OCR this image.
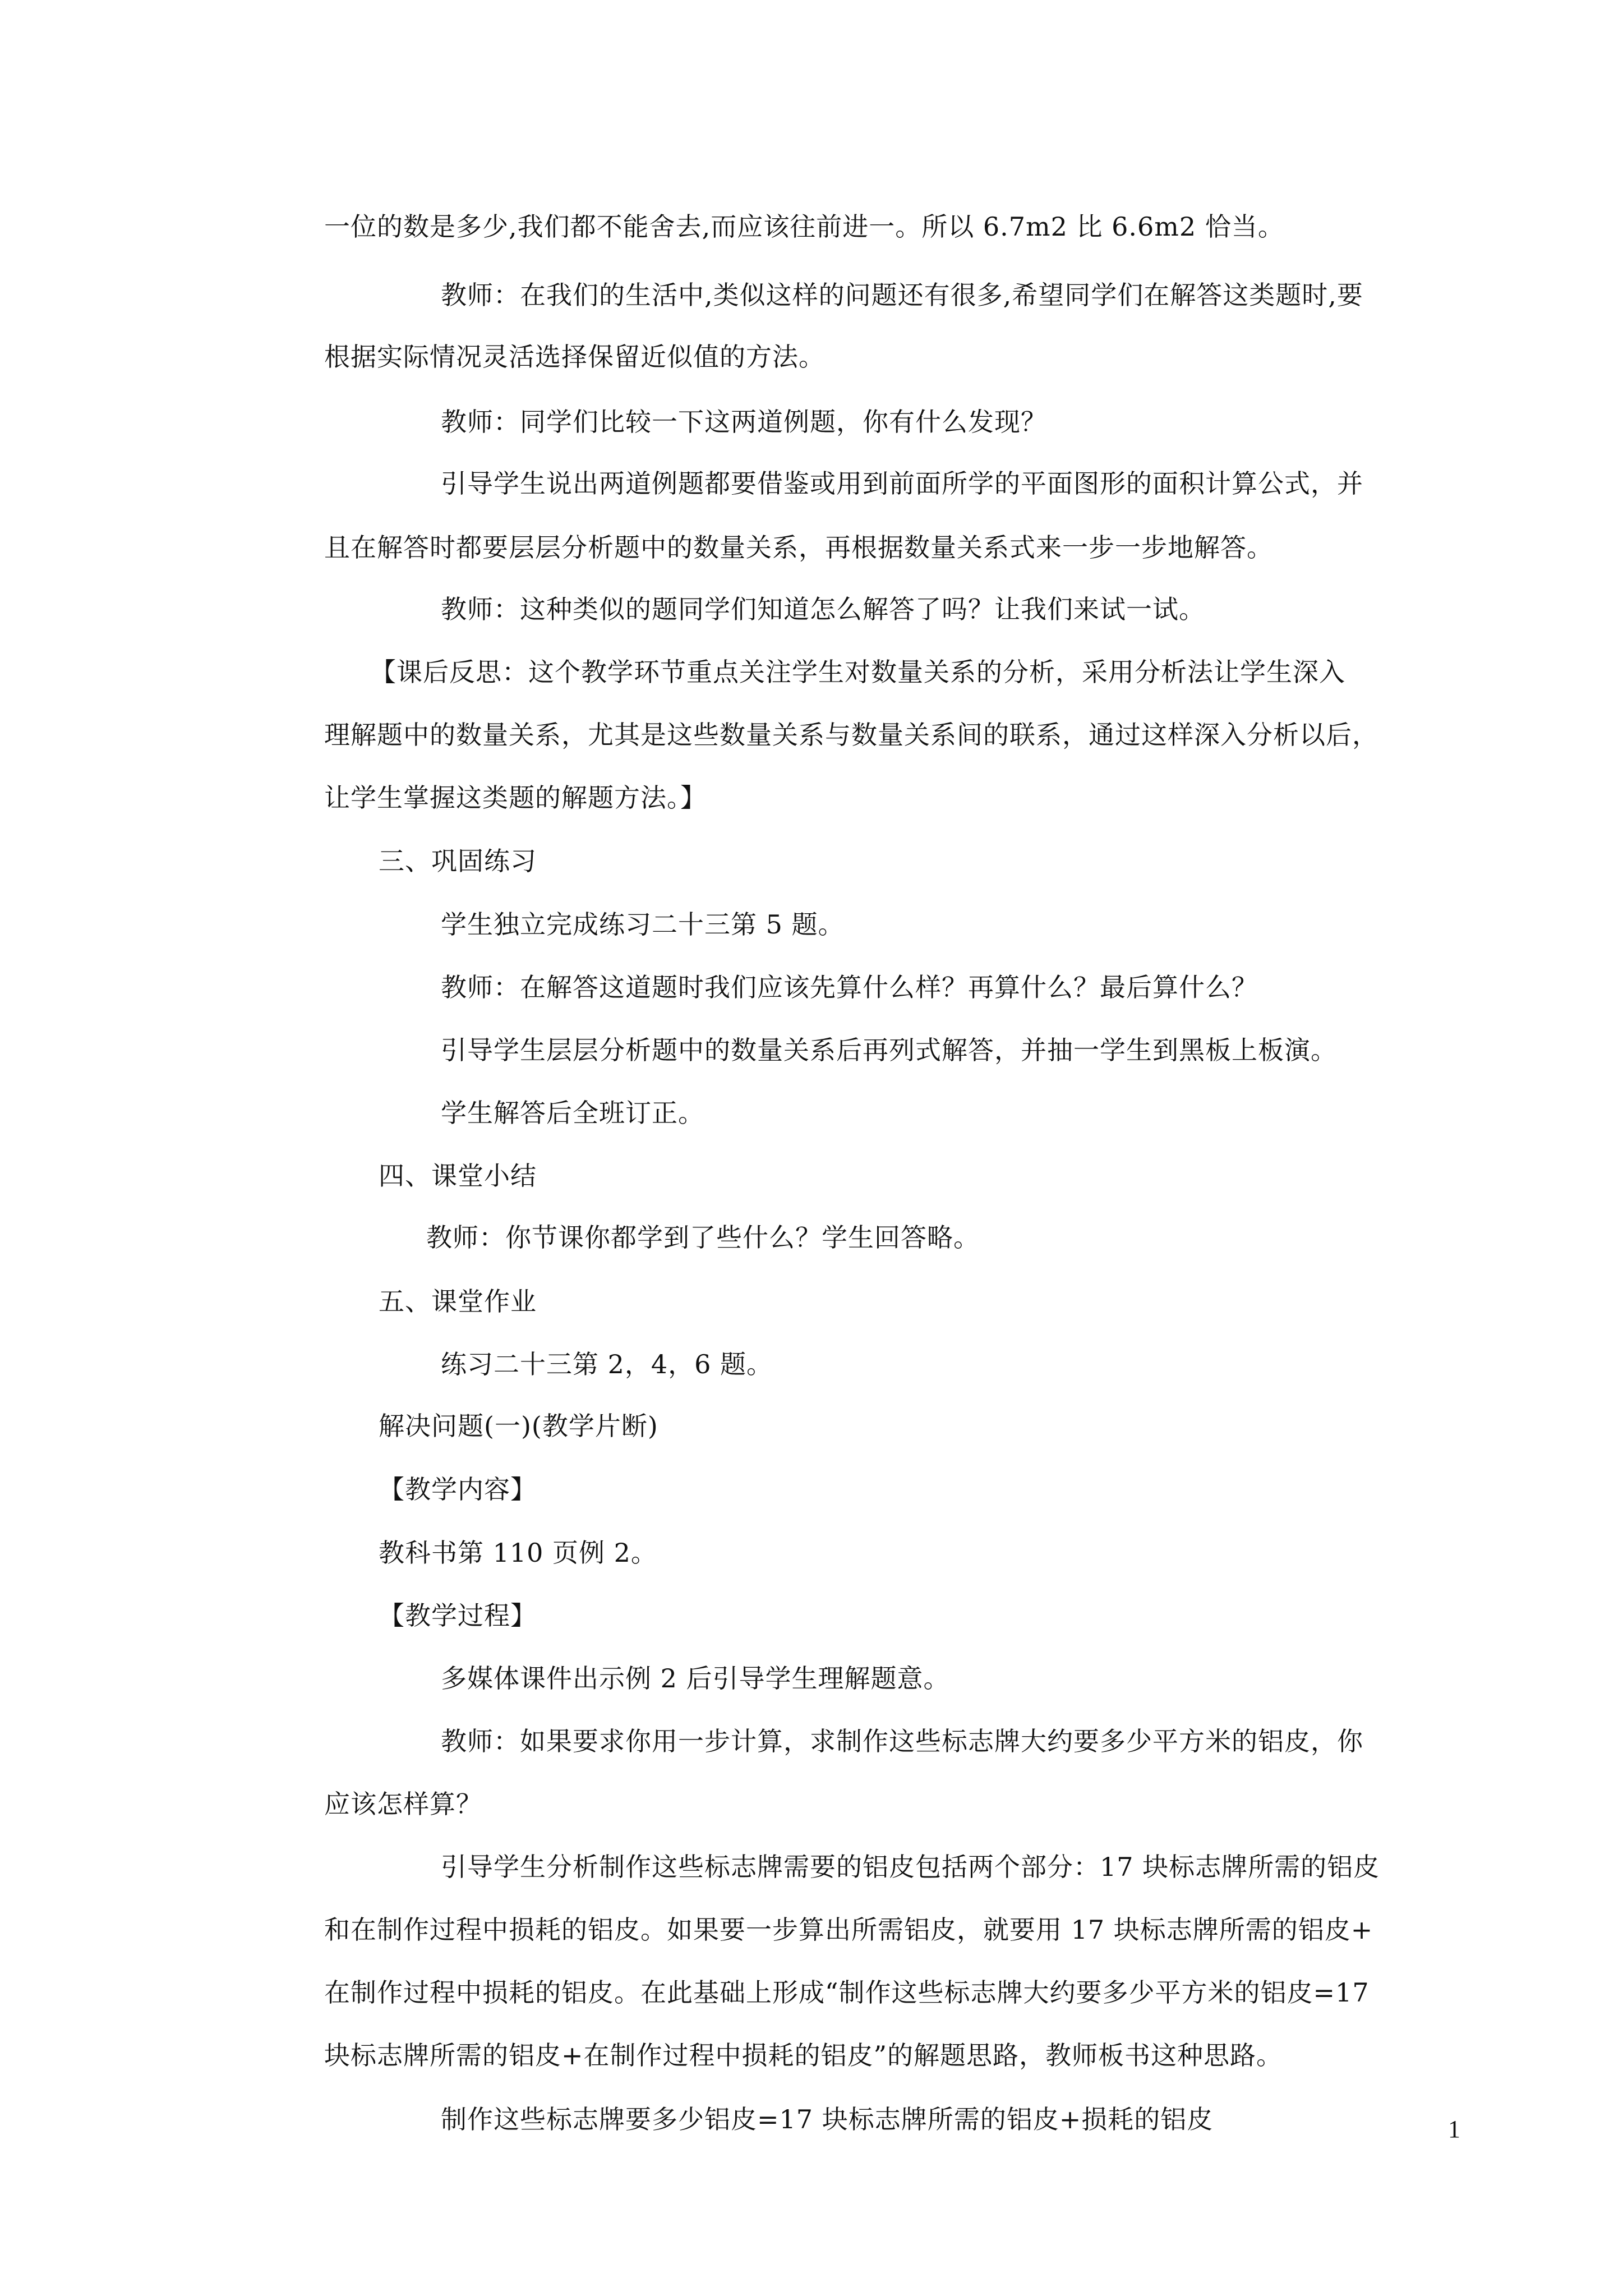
一位的数是多少,我们都不能舍去,而应该往前进一。所以 6.7m2 比 6.6m2 恰当。
教师：在我们的生活中,类似这样的问题还有很多,希望同学们在解答这类题时,要
根据实际情况灵活选择保留近似值的方法。
教师：同学们比较一下这两道例题，你有什么发现？
引导学生说出两道例题都要借鉴或用到前面所学的平面图形的面积计算公式，并
且在解答时都要层层分析题中的数量关系，再根据数量关系式来一步一步地解答。
教师：这种类似的题同学们知道怎么解答了吗？让我们来试一试。
【课后反思：这个教学环节重点关注学生对数量关系的分析，采用分析法让学生深入
理解题中的数量关系，尤其是这些数量关系与数量关系间的联系，通过这样深入分析以后，
让学生掌握这类题的解题方法。】
三、巩固练习
学生独立完成练习二十三第 5 题。
教师：在解答这道题时我们应该先算什么样？再算什么？最后算什么？
引导学生层层分析题中的数量关系后再列式解答，并抽一学生到黑板上板演。
学生解答后全班订正。
四、课堂小结
教师：你节课你都学到了些什么？学生回答略。
五、课堂作业
练习二十三第 2，4，6 题。
解决问题(一)(教学片断)
【教学内容】
教科书第 110 页例 2。
【教学过程】
多媒体课件出示例 2 后引导学生理解题意。
教师：如果要求你用一步计算，求制作这些标志牌大约要多少平方米的铝皮，你
应该怎样算？
引导学生分析制作这些标志牌需要的铝皮包括两个部分：17 块标志牌所需的铝皮
和在制作过程中损耗的铝皮。如果要一步算出所需铝皮，就要用 17 块标志牌所需的铝皮+
在制作过程中损耗的铝皮。在此基础上形成“制作这些标志牌大约要多少平方米的铝皮=17
块标志牌所需的铝皮+在制作过程中损耗的铝皮”的解题思路，教师板书这种思路。
制作这些标志牌要多少铝皮=17 块标志牌所需的铝皮+损耗的铝皮	1
